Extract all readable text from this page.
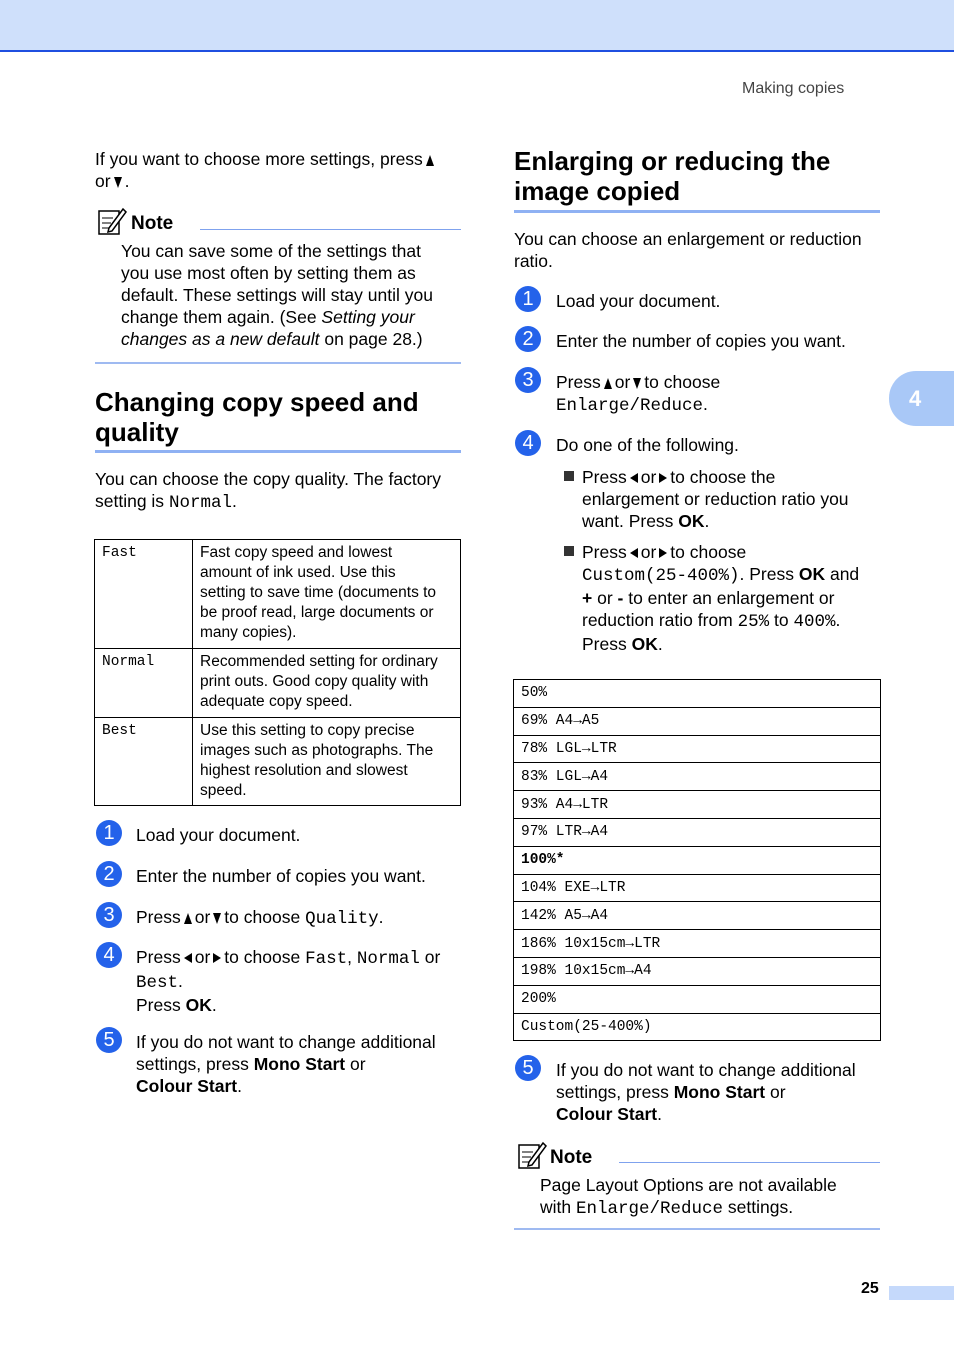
Making copies
4
If you want to choose more settings, press
or .
Note
You can save some of the settings that
you use most often by setting them as
default. These settings will stay until you
change them again. (See Setting your
changes as a new default on page 28.)
Changing copy speed and
quality
You can choose the copy quality. The factory
setting is Normal.
Fast	Fast copy speed and lowest
amount of ink used. Use this
setting to save time (documents to
be proof read, large documents or
many copies).

Normal	Recommended setting for ordinary
print outs. Good copy quality with
adequate copy speed.

Best	Use this setting to copy precise
images such as photographs. The
highest resolution and slowest
speed.
1	Load your document.
2	Enter the number of copies you want.
3	Press or to choose Quality.
4	Press or to choose Fast, Normal or
Best.
Press OK.
5	If you do not want to change additional
settings, press Mono Start or
Colour Start.
Enlarging or reducing the
image copied
You can choose an enlargement or reduction
ratio.
1	Load your document.
2	Enter the number of copies you want.
3	Press or to choose
Enlarge/Reduce.
4	Do one of the following.
Press or to choose the
enlargement or reduction ratio you
want. Press OK.
Press or to choose
Custom(25-400%). Press OK and
+ or - to enter an enlargement or
reduction ratio from 25% to 400%.
Press OK.
50%
69% A4→A5
78% LGL→LTR
83% LGL→A4
93% A4→LTR
97% LTR→A4
100%*
104% EXE→LTR
142% A5→A4
186% 10x15cm→LTR
198% 10x15cm→A4
200%
Custom(25-400%)
5	If you do not want to change additional
settings, press Mono Start or
Colour Start.
Note
Page Layout Options are not available
with Enlarge/Reduce settings.
25
